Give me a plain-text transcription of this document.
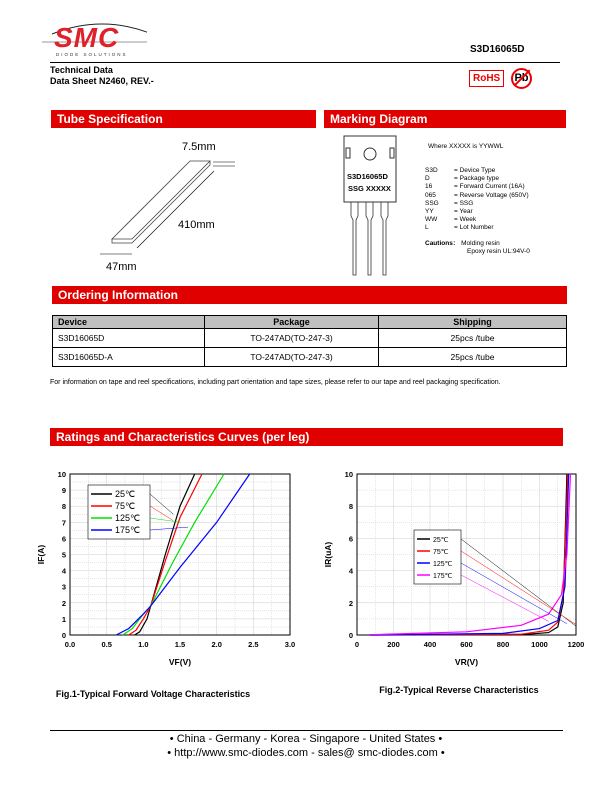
SMC
DIODE SOLUTIONS	S3D16065D
Technical Data
Data Sheet N2460, REV.-	RoHS	Pb
Tube Specification
7.5mm
410mm
47mm
Marking Diagram
S3D16065D
SSG XXXXX
Where XXXXX is YYWWL
S3D	= Device Type
D	= Package type
16	= Forward Current (16A)
065	= Reverse Voltage (650V)
SSG = SSG
YY	= Year
WW	= Week
L	= Lot Number
Cautions： Molding resin
Epoxy resin UL:94V-0
Ordering Information
Device	Package	Shipping
S3D16065D	TO-247AD(TO-247-3)	25pcs /tube
S3D16065D-A	TO-247AD(TO-247-3)	25pcs /tube
For information on tape and reel specifications, including part orientation and tape sizes, please refer to our tape and reel packaging specification.
Ratings and Characteristics Curves (per leg)
0.0	0.5	1.0	1.5	2.0	2.5	3.0
0
1
2
3
4
5
6
7
8
9
10
VF(V)
IF(A)
Fig.1-Typical Forward Voltage Characteristics
25℃
75℃
125℃
175℃
0	200	400	600	800	1000	1200
0
2
4
6
8
10
VR(V)
IR(uA)
Fig.2-Typical Reverse Characteristics
25℃
75℃
125℃
175℃
• China - Germany - Korea - Singapore - United States •
• http://www.smc-diodes.com - sales@ smc-diodes.com •
